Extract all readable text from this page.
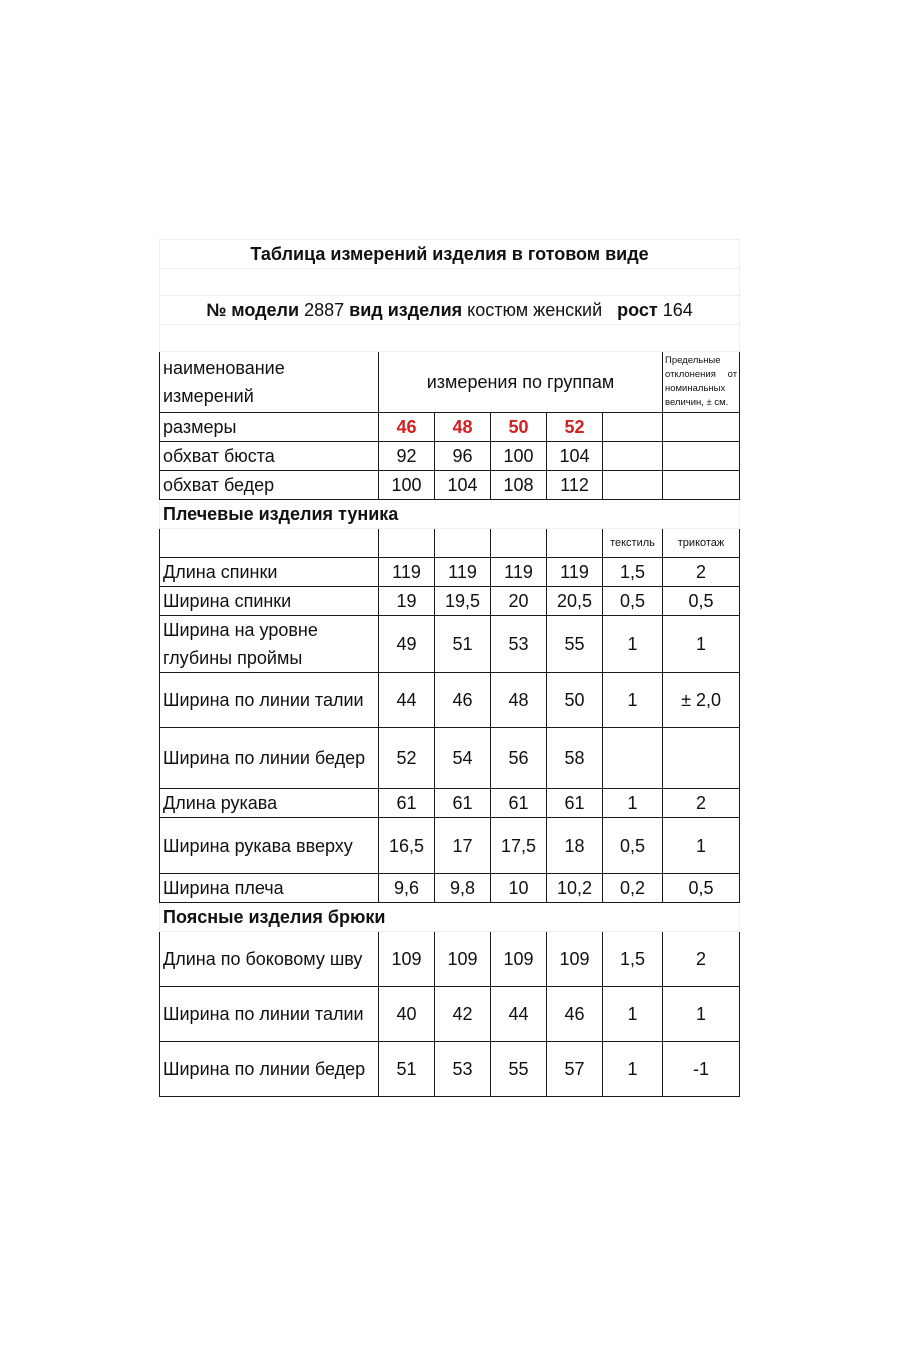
Таблица измерений изделия в готовом виде						

№ модели 2887 вид изделия костюм женский рост 164						

наименование измерений	измерения по группам					Предельные отклонения от номинальных величин, ± см.
размеры	46	48	50	52		
обхват бюста	92	96	100	104		
обхват бедер	100	104	108	112		
Плечевые изделия туника						
					текстиль	трикотаж
Длина спинки	119	119	119	119	1,5	2
Ширина спинки	19	19,5	20	20,5	0,5	0,5
Ширина на уровне глубины проймы	49	51	53	55	1	1
Ширина по линии талии	44	46	48	50	1	± 2,0
Ширина по линии бедер	52	54	56	58		
Длина рукава	61	61	61	61	1	2
Ширина рукава вверху	16,5	17	17,5	18	0,5	1
Ширина плеча	9,6	9,8	10	10,2	0,2	0,5
Поясные изделия брюки						
Длина по боковому шву	109	109	109	109	1,5	2
Ширина по линии талии	40	42	44	46	1	1
Ширина по линии бедер	51	53	55	57	1	-1
